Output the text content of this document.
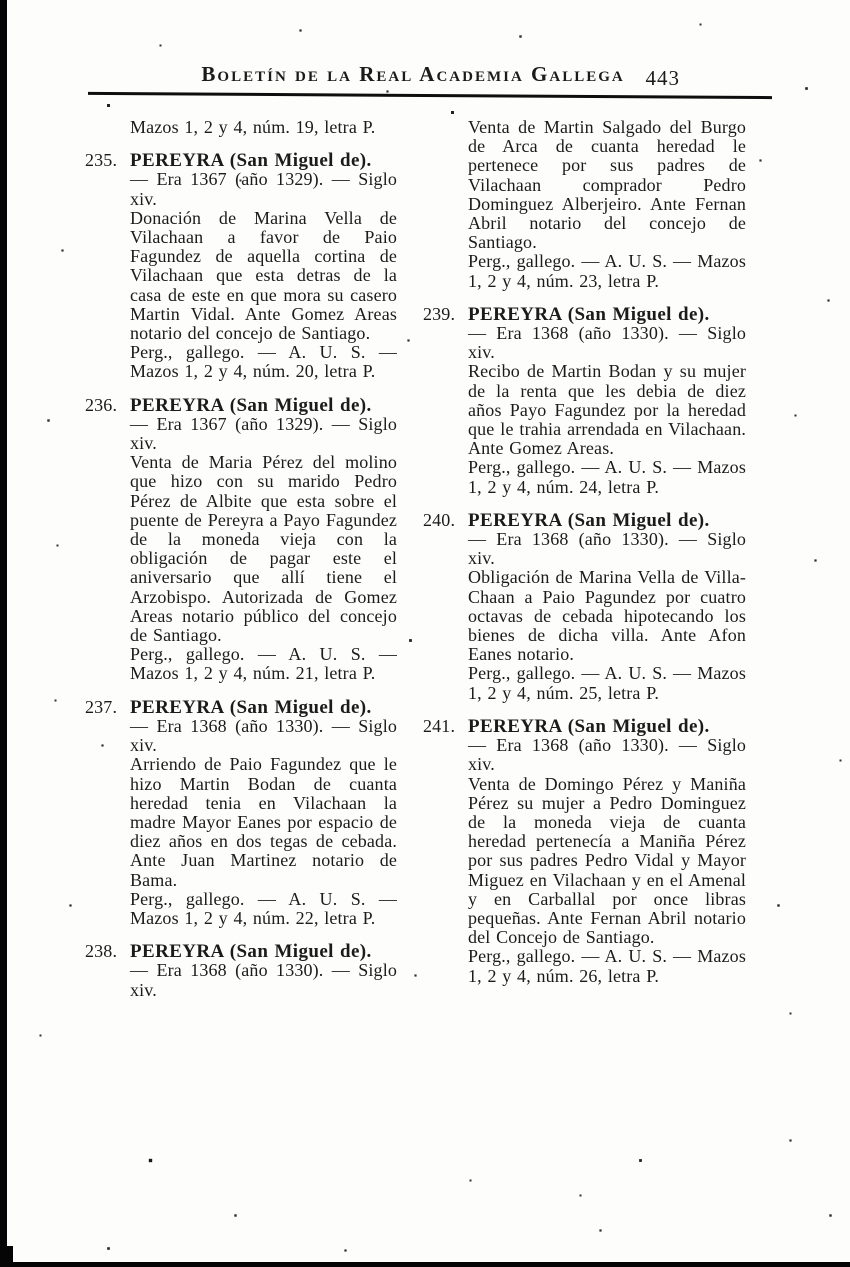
Boletín de la Real Academia Gallega 443

Mazos 1, 2 y 4, núm. 19, letra P.

235. PEREYRA (San Miguel de).

— Era 1367 (año 1329). — Siglo xiv.

Donación de Marina Vella de Vilachaan a favor de Paio Fagundez de aquella cortina de Vilachaan que esta detras de la casa de este en que mora su casero Martin Vidal. Ante Gomez Areas notario del concejo de Santiago.

Perg., gallego. — A. U. S. — Mazos 1, 2 y 4, núm. 20, letra P.

236. PEREYRA (San Miguel de).

— Era 1367 (año 1329). — Siglo xiv.

Venta de Maria Pérez del molino que hizo con su marido Pedro Pérez de Albite que esta sobre el puente de Pereyra a Payo Fagundez de la moneda vieja con la obligación de pagar este el aniversario que allí tiene el Arzobispo. Autorizada de Gomez Areas notario público del concejo de Santiago.

Perg., gallego. — A. U. S. — Mazos 1, 2 y 4, núm. 21, letra P.

237. PEREYRA (San Miguel de).

— Era 1368 (año 1330). — Siglo xiv.

Arriendo de Paio Fagundez que le hizo Martin Bodan de cuanta heredad tenia en Vilachaan la madre Mayor Eanes por espacio de diez años en dos tegas de cebada. Ante Juan Martinez notario de Bama.

Perg., gallego. — A. U. S. — Mazos 1, 2 y 4, núm. 22, letra P.

238. PEREYRA (San Miguel de).

— Era 1368 (año 1330). — Siglo xiv.

Venta de Martin Salgado del Burgo de Arca de cuanta heredad le pertenece por sus padres de Vilachaan comprador Pedro Dominguez Alberjeiro. Ante Fernan Abril notario del concejo de Santiago.

Perg., gallego. — A. U. S. — Mazos 1, 2 y 4, núm. 23, letra P.

239. PEREYRA (San Miguel de).

— Era 1368 (año 1330). — Siglo xiv.

Recibo de Martin Bodan y su mujer de la renta que les debia de diez años Payo Fagundez por la heredad que le trahia arrendada en Vilachaan. Ante Gomez Areas.

Perg., gallego. — A. U. S. — Mazos 1, 2 y 4, núm. 24, letra P.

240. PEREYRA (San Miguel de).

— Era 1368 (año 1330). — Siglo xiv.

Obligación de Marina Vella de Villa-Chaan a Paio Pagundez por cuatro octavas de cebada hipotecando los bienes de dicha villa. Ante Afon Eanes notario.

Perg., gallego. — A. U. S. — Mazos 1, 2 y 4, núm. 25, letra P.

241. PEREYRA (San Miguel de).

— Era 1368 (año 1330). — Siglo xiv.

Venta de Domingo Pérez y Maniña Pérez su mujer a Pedro Dominguez de la moneda vieja de cuanta heredad pertenecía a Maniña Pérez por sus padres Pedro Vidal y Mayor Miguez en Vilachaan y en el Amenal y en Carballal por once libras pequeñas. Ante Fernan Abril notario del Concejo de Santiago.

Perg., gallego. — A. U. S. — Mazos 1, 2 y 4, núm. 26, letra P.
